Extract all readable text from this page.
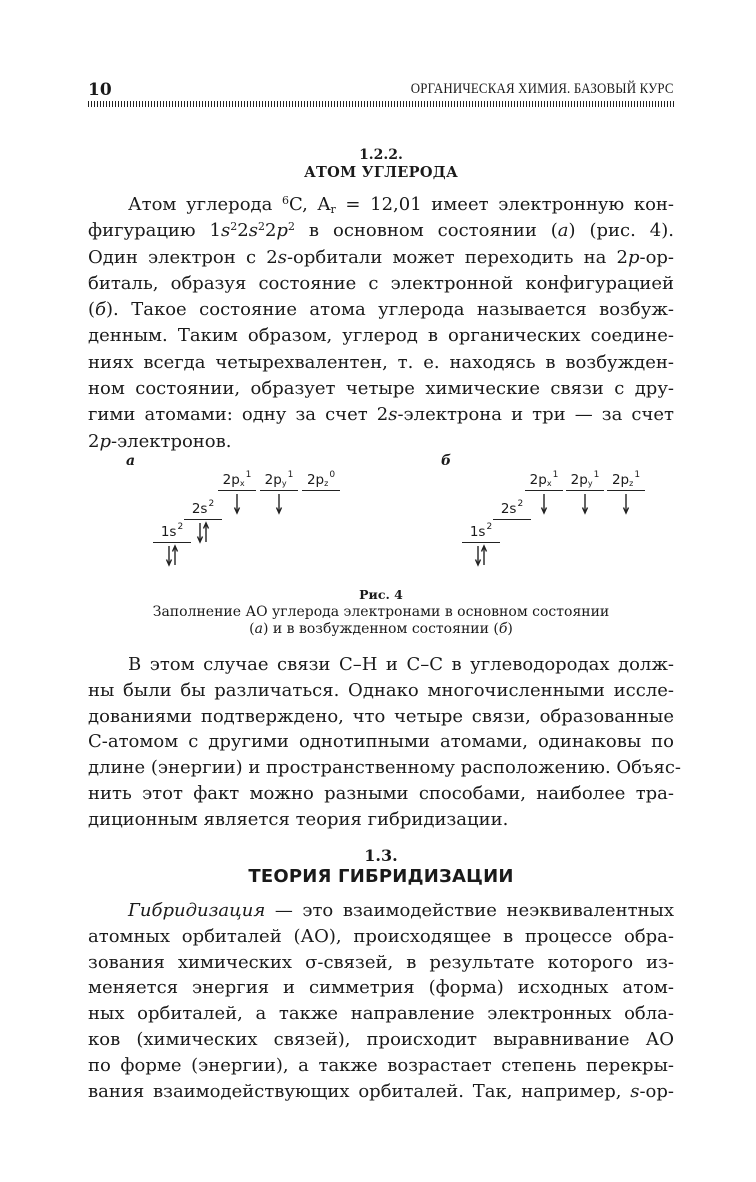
10	ОРГАНИЧЕСКАЯ ХИМИЯ. БАЗОВЫЙ КУРС
1.2.2.
АТОМ УГЛЕРОДА
Атом углерода $^6$C, $A_r = 12,01$ имеет электронную кон-
фигурацию $1s^22s^22p^2$ в основном состоянии (а) (рис. 4).
Один электрон с 2s-орбитали может переходить на 2p-ор-
биталь, образуя состояние с электронной конфигурацией
(б). Такое состояние атома углерода называется возбуж-
денным. Таким образом, углерод в органических соедине-
ниях всегда четырехвалентен, т. е. находясь в возбужден-
ном состоянии, образует четыре химические связи с дру-
гими атомами: одну за счет 2s-электрона и три — за счет
2p-электронов.
а
$1s^2$
$2s^2$
$2p_x^1$ $2p_y^1$	$2p_z^0$
б
$1s^2$
$2s^2$
$2p_x^1$ $2p_y^1$ $2p_z^1$
Рис. 4
Заполнение АО углерода электронами в основном состоянии
(а) и в возбужденном состоянии (б)
В этом случае связи C–H и C–C в углеводородах долж-
ны были бы различаться. Однако многочисленными иссле-
дованиями подтверждено, что четыре связи, образованные
C-атомом с другими однотипными атомами, одинаковы по
длине (энергии) и пространственному расположению. Объяс-
нить этот факт можно разными способами, наиболее тра-
диционным является теория гибридизации.
1.3.
ТЕОРИЯ ГИБРИДИЗАЦИИ
Гибридизация — это взаимодействие неэквивалентных
атомных орбиталей (АО), происходящее в процессе обра-
зования химических σ-связей, в результате которого из-
меняется энергия и симметрия (форма) исходных атом-
ных орбиталей, а также направление электронных обла-
ков (химических связей), происходит выравнивание АО
по форме (энергии), а также возрастает степень перекры-
вания взаимодействующих орбиталей. Так, например, s-ор-
